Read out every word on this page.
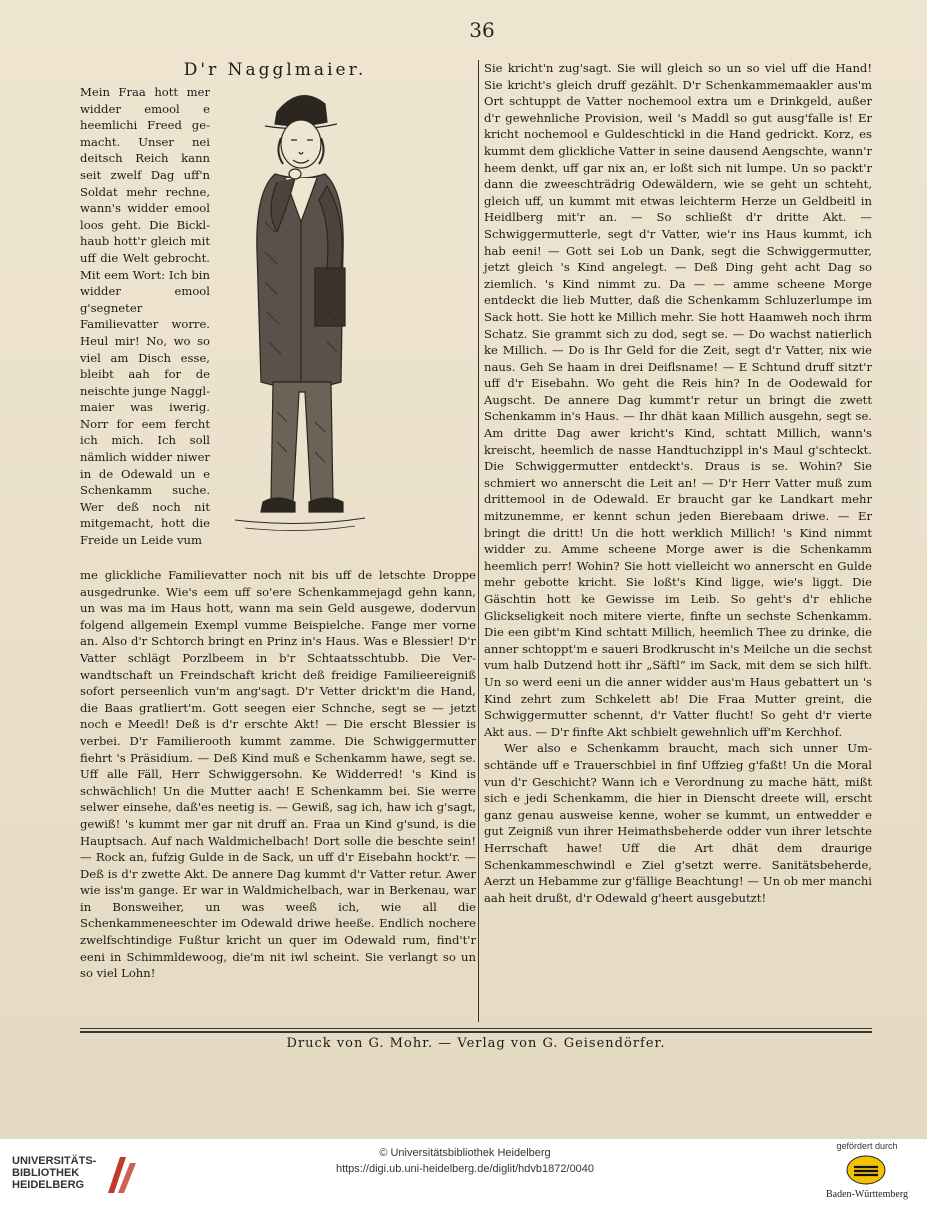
36
D'r Nagglmaier.

Mein Fraa hott mer widder emool e heemlichi Freed gemacht. Unser nei deitsch Reich kann seit zwelf Dag uff'n Soldat mehr rechne, wann's widder emool loos geht. Die Bicklhaub hott'r gleich mit uff die Welt gebrocht. Mit eem Wort: Ich bin widder emool g'segneter Familievatter worre. Heul mir! No, wo so viel am Disch esse, bleibt aah for de neischte junge Nagglmaier was iwerig. Norr for eem fercht ich mich. Ich soll nämlich widder niwer in de Odewald un e Schenkamm suche. Wer deß noch nit mitgemacht, hott die Freide un Leide vum

me glickliche Familievatter noch nit bis uff de letschte Droppe ausgedrunke. Wie's eem uff so'ere Schenkammejagd gehn kann, un was ma im Haus hott, wann ma sein Geld ausgewe, dodervun folgend allgemein Exempl vumme Beispielche. Fange mer vorne an. Also d'r Schtorch bringt en Prinz in's Haus. Was e Blessier! D'r Vatter schlägt Porzlbeem in b'r Schtaatsschtubb. Die Verwandtschaft un Freindschaft kricht deß freidige Familieereigniß sofort perseenlich vun'm ang'sagt. D'r Vetter drickt'm die Hand, die Baas gratliert'm. Gott seegen eier Schnche, segt se — jetzt noch e Meedl! Deß is d'r erschte Akt! — Die erscht Blessier is verbei. D'r Familierooth kummt zamme. Die Schwiggermutter fiehrt 's Präsidium. — Deß Kind muß e Schenkamm hawe, segt se. Uff alle Fäll, Herr Schwiggersohn. Ke Widderred! 's Kind is schwächlich! Un die Mutter aach! E Schenkamm bei. Sie werre selwer einsehe, daß'es neetig is. — Gewiß, sag ich, haw ich g'sagt, gewiß! 's kummt mer gar nit druff an. Fraa un Kind g'sund, is die Hauptsach. Auf nach Waldmichelbach! Dort solle die beschte sein! — Rock an, fufzig Gulde in de Sack, un uff d'r Eisebahn hockt'r. — Deß is d'r zwette Akt. De annere Dag kummt d'r Vatter retur. Awer wie iss'm gange. Er war in Waldmichelbach, war in Berkenau, war in Bonsweiher, un was weeß ich, wie all die Schenkammeneeschter im Odewald driwe heeße. Endlich nochere zwelfschtindige Fußtur kricht un quer im Odewald rum, find't'r eeni in Schimmldewoog, die'm nit iwl scheint. Sie verlangt so un so viel Lohn!

Sie kricht'n zug'sagt. Sie will gleich so un so viel uff die Hand! Sie kricht's gleich druff gezählt. D'r Schenkammemaakler aus'm Ort schtuppt de Vatter nochemool extra um e Drinkgeld, außer d'r gewehnliche Provision, weil 's Maddl so gut ausg'falle is! Er kricht nochemool e Guldeschtickl in die Hand gedrickt. Korz, es kummt dem glickliche Vatter in seine dausend Aengschte, wann'r heem denkt, uff gar nix an, er loßt sich nit lumpe. Un so packt'r dann die zweeschträdrig Odewäldern, wie se geht un schteht, gleich uff, un kummt mit etwas leichterm Herze un Geldbeitl in Heidlberg mit'r an. — So schließt d'r dritte Akt. — Schwiggermutterle, segt d'r Vatter, wie'r ins Haus kummt, ich hab eeni! — Gott sei Lob un Dank, segt die Schwiggermutter, jetzt gleich 's Kind angelegt. — Deß Ding geht acht Dag so ziemlich. 's Kind nimmt zu. Da — — amme scheene Morge entdeckt die lieb Mutter, daß die Schenkamm Schluzerlumpe im Sack hott. Sie hott ke Millich mehr. Sie hott Haamweh noch ihrm Schatz. Sie grammt sich zu dod, segt se. — Do wachst natierlich ke Millich. — Do is Ihr Geld for die Zeit, segt d'r Vatter, nix wie naus. Geh Se haam in drei Deiflsname! — E Schtund druff sitzt'r uff d'r Eisebahn. Wo geht die Reis hin? In de Oodewald for Augscht. De annere Dag kummt'r retur un bringt die zwett Schenkamm in's Haus. — Ihr dhät kaan Millich ausgehn, segt se. Am dritte Dag awer kricht's Kind, schtatt Millich, wann's kreischt, heemlich de nasse Handtuchzippl in's Maul g'schteckt. Die Schwiggermutter entdeckt's. Draus is se. Wohin? Sie schmiert wo annerscht die Leit an! — D'r Herr Vatter muß zum drittemool in de Odewald. Er braucht gar ke Landkart mehr mitzunemme, er kennt schun jeden Bierebaam driwe. — Er bringt die dritt! Un die hott werklich Millich! 's Kind nimmt widder zu. Amme scheene Morge awer is die Schenkamm heemlich perr! Wohin? Sie hott vielleicht wo annerscht en Gulde mehr gebotte kricht. Sie loßt's Kind ligge, wie's liggt. Die Gäschtin hott ke Gewisse im Leib. So geht's d'r ehliche Glickseligkeit noch mitere vierte, finfte un sechste Schenkamm. Die een gibt'm Kind schtatt Millich, heemlich Thee zu drinke, die anner schtoppt'm e saueri Brodkruscht in's Meilche un die sechst vum halb Dutzend hott ihr „Säftl“ im Sack, mit dem se sich hilft. Un so werd eeni un die anner widder aus'm Haus gebattert un 's Kind zehrt zum Schkelett ab! Die Fraa Mutter greint, die Schwiggermutter schennt, d'r Vatter flucht! So geht d'r vierte Akt aus. — D'r finfte Akt schbielt gewehnlich uff'm Kerchhof.

Wer also e Schenkamm braucht, mach sich unner Umschtände uff e Trauerschbiel in finf Uffzieg g'faßt! Un die Moral vun d'r Geschicht? Wann ich e Verordnung zu mache hätt, mißt sich e jedi Schenkamm, die hier in Dienscht dreete will, erscht ganz genau ausweise kenne, woher se kummt, un entwedder e gut Zeigniß vun ihrer Heimathsbeherde odder vun ihrer letschte Herrschaft hawe! Uff die Art dhät dem draurige Schenkammeschwindl e Ziel g'setzt werre. Sanitätsbeherde, Aerzt un Hebamme zur g'fällige Beachtung! — Un ob mer manchi aah heit drußt, d'r Odewald g'heert ausgebutzt!

Druck von G. Mohr. — Verlag von G. Geisendörfer.
UNIVERSITÄTS-
BIBLIOTHEK
HEIDELBERG
© Universitätsbibliothek Heidelberg
https://digi.ub.uni-heidelberg.de/diglit/hdvb1872/0040
gefördert durch
Baden-Württemberg
